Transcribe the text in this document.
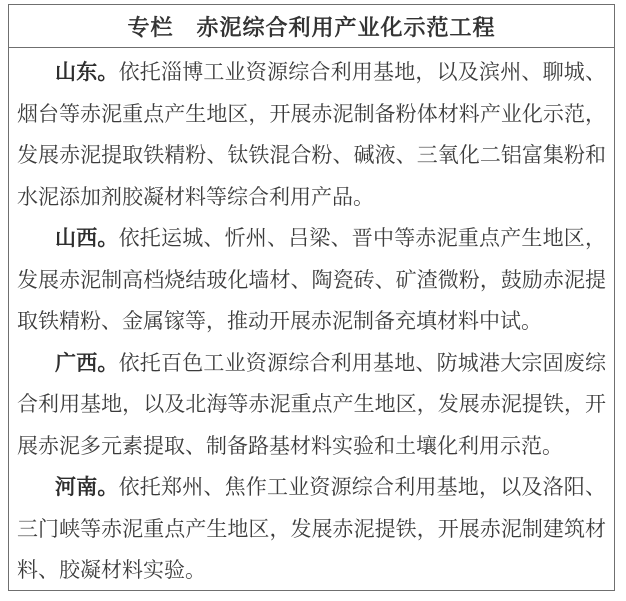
专栏　赤泥综合利用产业化示范工程

山东。依托淄博工业资源综合利用基地，以及滨州、聊城、烟台等赤泥重点产生地区，开展赤泥制备粉体材料产业化示范，发展赤泥提取铁精粉、钛铁混合粉、碱液、三氧化二铝富集粉和水泥添加剂胶凝材料等综合利用产品。

山西。依托运城、忻州、吕梁、晋中等赤泥重点产生地区，发展赤泥制高档烧结玻化墙材、陶瓷砖、矿渣微粉，鼓励赤泥提取铁精粉、金属镓等，推动开展赤泥制备充填材料中试。

广西。依托百色工业资源综合利用基地、防城港大宗固废综合利用基地，以及北海等赤泥重点产生地区，发展赤泥提铁，开展赤泥多元素提取、制备路基材料实验和土壤化利用示范。

河南。依托郑州、焦作工业资源综合利用基地，以及洛阳、三门峡等赤泥重点产生地区，发展赤泥提铁，开展赤泥制建筑材料、胶凝材料实验。
